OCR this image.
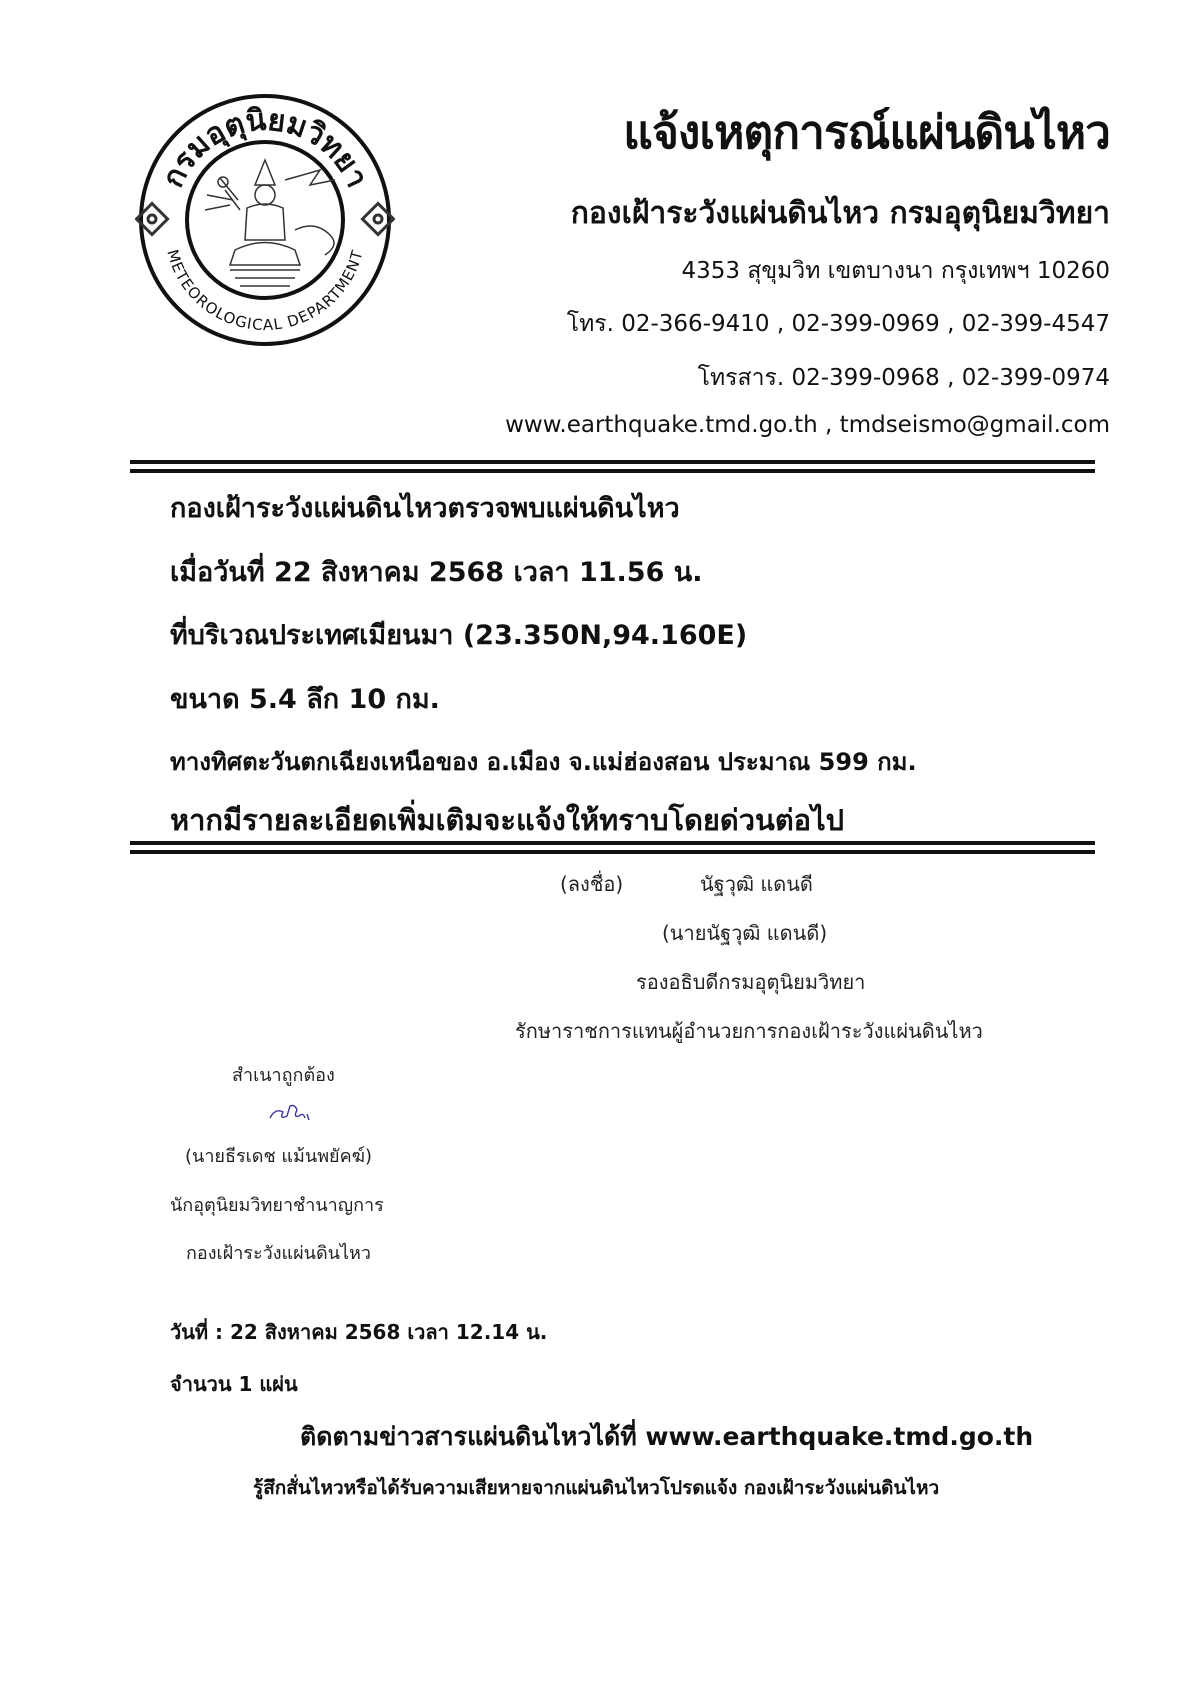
กรมอุตุนิยมวิทยา
METEOROLOGICAL DEPARTMENT
แจ้งเหตุการณ์แผ่นดินไหว
กองเฝ้าระวังแผ่นดินไหว กรมอุตุนิยมวิทยา
4353 สุขุมวิท เขตบางนา กรุงเทพฯ 10260
โทร. 02-366-9410 , 02-399-0969 , 02-399-4547
โทรสาร. 02-399-0968 , 02-399-0974
www.earthquake.tmd.go.th , tmdseismo@gmail.com
กองเฝ้าระวังแผ่นดินไหวตรวจพบแผ่นดินไหว
เมื่อวันที่ 22 สิงหาคม 2568 เวลา 11.56 น.
ที่บริเวณประเทศเมียนมา (23.350N,94.160E)
ขนาด 5.4 ลึก 10 กม.
ทางทิศตะวันตกเฉียงเหนือของ อ.เมือง จ.แม่ฮ่องสอน ประมาณ 599 กม.
หากมีรายละเอียดเพิ่มเติมจะแจ้งให้ทราบโดยด่วนต่อไป
(ลงชื่อ)	นัฐวุฒิ แดนดี
(นายนัฐวุฒิ แดนดี)
รองอธิบดีกรมอุตุนิยมวิทยา
รักษาราชการแทนผู้อำนวยการกองเฝ้าระวังแผ่นดินไหว
สำเนาถูกต้อง
(นายธีรเดช แม้นพยัคฆ์)
นักอุตุนิยมวิทยาชำนาญการ
กองเฝ้าระวังแผ่นดินไหว
วันที่ : 22 สิงหาคม 2568 เวลา 12.14 น.
จำนวน 1 แผ่น
ติดตามข่าวสารแผ่นดินไหวได้ที่ www.earthquake.tmd.go.th
รู้สึกสั่นไหวหรือได้รับความเสียหายจากแผ่นดินไหวโปรดแจ้ง กองเฝ้าระวังแผ่นดินไหว
